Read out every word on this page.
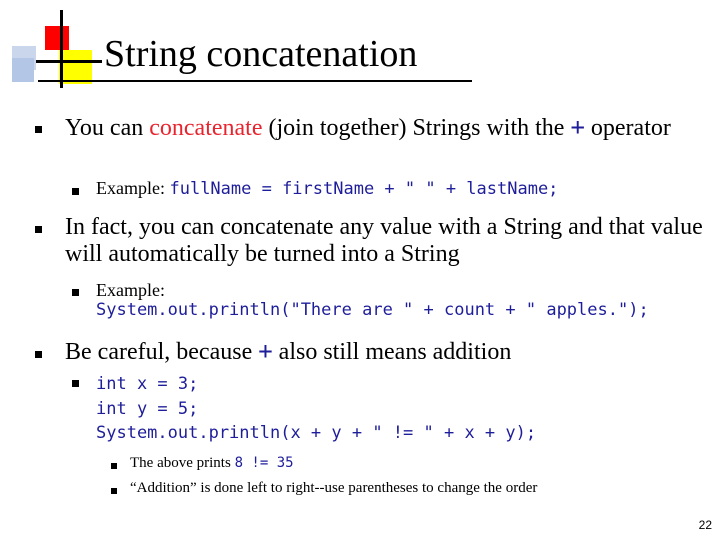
String concatenation
You can concatenate (join together) Strings with the + operator
Example: fullName = firstName + " " + lastName;
In fact, you can concatenate any value with a String and that value will automatically be turned into a String
Example:
System.out.println("There are " + count + " apples.");
Be careful, because + also still means addition
int x = 3;
int y = 5;
System.out.println(x + y + " != " + x + y);
The above prints 8 != 35
“Addition” is done left to right--use parentheses to change the order
22
